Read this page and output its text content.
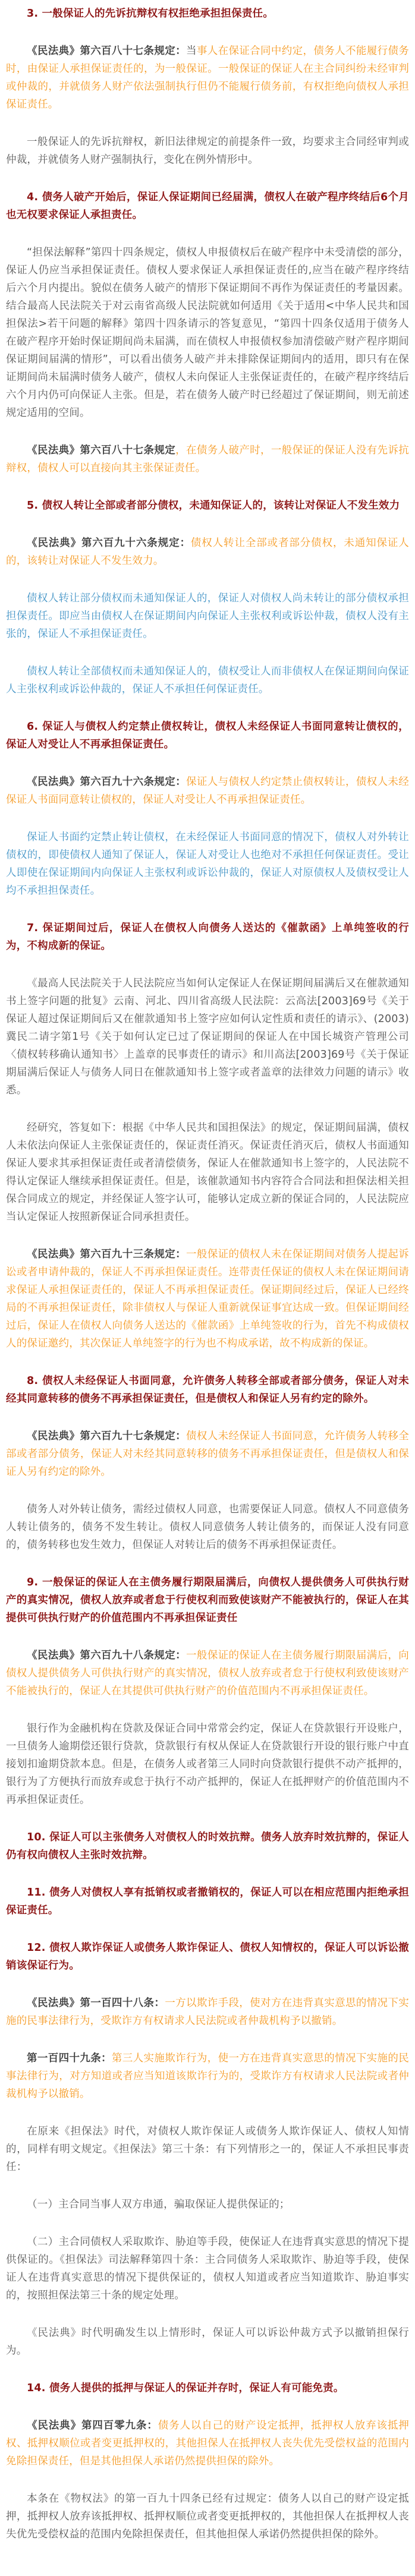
3. 一般保证人的先诉抗辩权有权拒绝承担担保责任。

《民法典》第六百八十七条规定：当事人在保证合同中约定，债务人不能履行债务时，由保证人承担保证责任的，为一般保证。一般保证的保证人在主合同纠纷未经审判或仲裁的，并就债务人财产依法强制执行但仍不能履行债务前，有权拒绝向债权人承担保证责任。

一般保证人的先诉抗辩权，新旧法律规定的前提条件一致，均要求主合同经审判或仲裁，并就债务人财产强制执行，变化在例外情形中。

4. 债务人破产开始后，保证人保证期间已经届满，债权人在破产程序终结后6个月也无权要求保证人承担责任。

“担保法解释”第四十四条规定，债权人申报债权后在破产程序中未受清偿的部分，保证人仍应当承担保证责任。债权人要求保证人承担保证责任的,应当在破产程序终结后六个月内提出。貌似在债务人破产的情形下保证期间不再作为保证责任的考量因素。结合最高人民法院关于对云南省高级人民法院就如何适用《关于适用<中华人民共和国担保法>若干问题的解释》第四十四条请示的答复意见，“第四十四条仅适用于债务人在破产程序开始时保证期间尚未届满，而在债权人申报债权参加清偿破产财产程序期间保证期间届满的情形”，可以看出债务人破产并未排除保证期间内的适用，即只有在保证期间尚未届满时债务人破产，债权人未向保证人主张保证责任的，在破产程序终结后六个月内仍可向保证人主张。但是，若在债务人破产时已经超过了保证期间，则无前述规定适用的空间。

《民法典》第六百八十七条规定，在债务人破产时，一般保证的保证人没有先诉抗辩权，债权人可以直接向其主张保证责任。

5. 债权人转让全部或者部分债权，未通知保证人的，该转让对保证人不发生效力

《民法典》第六百九十六条规定：债权人转让全部或者部分债权，未通知保证人的，该转让对保证人不发生效力。

债权人转让部分债权而未通知保证人的，保证人对债权人尚未转让的部分债权承担担保责任。即应当由债权人在保证期间内向保证人主张权利或诉讼仲裁，债权人没有主张的，保证人不承担保证责任。

债权人转让全部债权而未通知保证人的，债权受让人而非债权人在保证期间向保证人主张权利或诉讼仲裁的，保证人不承担任何保证责任。

6. 保证人与债权人约定禁止债权转让，债权人未经保证人书面同意转让债权的，保证人对受让人不再承担保证责任。

《民法典》第六百九十六条规定：保证人与债权人约定禁止债权转让，债权人未经保证人书面同意转让债权的，保证人对受让人不再承担保证责任。

保证人书面约定禁止转让债权，在未经保证人书面同意的情况下，债权人对外转让债权的，即使债权人通知了保证人，保证人对受让人也绝对不承担任何保证责任。受让人即使在保证期间内向保证人主张权利或诉讼仲裁的，保证人对原债权人及债权受让人均不承担担保责任。

7. 保证期间过后，保证人在债权人向债务人送达的《催款函》上单纯签收的行为，不构成新的保证。

《最高人民法院关于人民法院应当如何认定保证人在保证期间届满后又在催款通知书上签字问题的批复》云南、河北、四川省高级人民法院：云高法[2003]69号《关于保证人超过保证期间后又在催款通知书上签字应如何认定性质和责任的请示》、(2003)冀民二请字第1号《关于如何认定已过了保证期间的保证人在中国长城资产管理公司〈债权转移确认通知书〉上盖章的民事责任的请示》和川高法[2003]69号《关于保证期届满后保证人与债务人同日在催款通知书上签字或者盖章的法律效力问题的请示》收悉。

经研究，答复如下：根据《中华人民共和国担保法》的规定，保证期间届满，债权人未依法向保证人主张保证责任的，保证责任消灭。保证责任消灭后，债权人书面通知保证人要求其承担保证责任或者清偿债务，保证人在催款通知书上签字的，人民法院不得认定保证人继续承担保证责任。但是，该催款通知书内容符合合同法和担保法相关担保合同成立的规定，并经保证人签字认可，能够认定成立新的保证合同的，人民法院应当认定保证人按照新保证合同承担责任。

《民法典》第六百九十三条规定：一般保证的债权人未在保证期间对债务人提起诉讼或者申请仲裁的，保证人不再承担保证责任。连带责任保证的债权人未在保证期间请求保证人承担保证责任的，保证人不再承担保证责任。保证期间经过后，保证人已经终局的不再承担保证责任，除非债权人与保证人重新就保证事宜达成一致。但保证期间经过后，保证人在债权人向债务人送达的《催款函》上单纯签收的行为，首先不构成债权人的保证邀约，其次保证人单纯签字的行为也不构成承诺，故不构成新的保证。

8. 债权人未经保证人书面同意，允许债务人转移全部或者部分债务，保证人对未经其同意转移的债务不再承担保证责任，但是债权人和保证人另有约定的除外。

《民法典》第六百九十七条规定：债权人未经保证人书面同意，允许债务人转移全部或者部分债务，保证人对未经其同意转移的债务不再承担保证责任，但是债权人和保证人另有约定的除外。

债务人对外转让债务，需经过债权人同意，也需要保证人同意。债权人不同意债务人转让债务的，债务不发生转让。债权人同意债务人转让债务的，而保证人没有同意的，债务转移也发生效力，但保证人对转让后的债务不再承担保证责任。

9. 一般保证的保证人在主债务履行期限届满后，向债权人提供债务人可供执行财产的真实情况，债权人放弃或者怠于行使权利而致使该财产不能被执行的，保证人在其提供可供执行财产的价值范围内不再承担保证责任

《民法典》第六百九十八条规定：一般保证的保证人在主债务履行期限届满后，向债权人提供债务人可供执行财产的真实情况，债权人放弃或者怠于行使权利致使该财产不能被执行的，保证人在其提供可供执行财产的价值范围内不再承担保证责任。

银行作为金融机构在贷款及保证合同中常常会约定，保证人在贷款银行开设账户，一旦债务人逾期偿还银行贷款，贷款银行有权从保证人在贷款银行开设的银行账户中直接划扣逾期贷款本息。但是，在债务人或者第三人同时向贷款银行提供不动产抵押的，银行为了方便执行而放弃或怠于执行不动产抵押的，保证人在抵押财产的价值范围内不再承担保证责任。

10. 保证人可以主张债务人对债权人的时效抗辩。债务人放弃时效抗辩的，保证人仍有权向债权人主张时效抗辩。

11. 债务人对债权人享有抵销权或者撤销权的，保证人可以在相应范围内拒绝承担保证责任。

12. 债权人欺诈保证人或债务人欺诈保证人、债权人知情权的，保证人可以诉讼撤销该保证行为。

《民法典》第一百四十八条：一方以欺诈手段，使对方在违背真实意思的情况下实施的民事法律行为，受欺诈方有权请求人民法院或者仲裁机构予以撤销。

第一百四十九条：第三人实施欺诈行为，使一方在违背真实意思的情况下实施的民事法律行为，对方知道或者应当知道该欺诈行为的，受欺诈方有权请求人民法院或者仲裁机构予以撤销。

在原来《担保法》时代，对债权人欺诈保证人或债务人欺诈保证人、债权人知情的，同样有明文规定。《担保法》第三十条：有下列情形之一的，保证人不承担民事责任：

（一）主合同当事人双方串通，骗取保证人提供保证的；

（二）主合同债权人采取欺诈、胁迫等手段，使保证人在违背真实意思的情况下提供保证的。《担保法》司法解释第四十条：主合同债务人采取欺诈、胁迫等手段，使保证人在违背真实意思的情况下提供保证的，债权人知道或者应当知道欺诈、胁迫事实的，按照担保法第三十条的规定处理。

《民法典》时代明确发生以上情形时，保证人可以诉讼仲裁方式予以撤销担保行为。

14. 债务人提供的抵押与保证人的保证并存时，保证人有可能免责。

《民法典》第四百零九条：债务人以自己的财产设定抵押，抵押权人放弃该抵押权、抵押权顺位或者变更抵押权的，其他担保人在抵押权人丧失优先受偿权益的范围内免除担保责任，但是其他担保人承诺仍然提供担保的除外。

本条在《物权法》的第一百九十四条已经有过规定：债务人以自己的财产设定抵押，抵押权人放弃该抵押权、抵押权顺位或者变更抵押权的，其他担保人在抵押权人丧失优先受偿权益的范围内免除担保责任，但其他担保人承诺仍然提供担保的除外。
